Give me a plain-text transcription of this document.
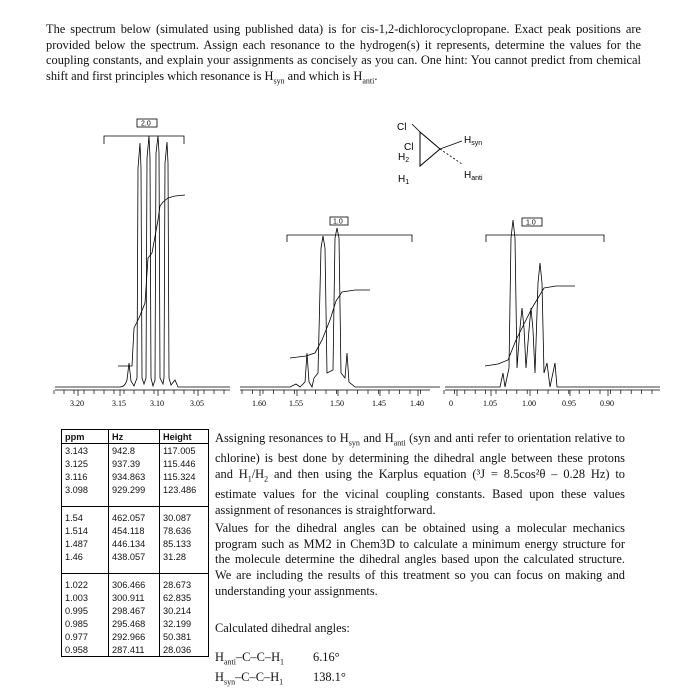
The spectrum below (simulated using published data) is for cis-1,2-dichlorocyclopropane. Exact peak positions are provided below the spectrum. Assign each resonance to the hydrogen(s) it represents, determine the values for the coupling constants, and explain your assignments as concisely as you can. One hint: You cannot predict from chemical shift and first principles which resonance is $H_{syn}$ and which is $H_{anti}$.
2.0
1.0	1.0
Cl
Cl
$H_2$
$H_1$
$H_{syn}$
$H_{anti}$
3.20	3.15	3.10	3.05	1.60	1.55	1.50	1.45	1.40	0	1.05	1.00	0.95	0.90
ppm	Hz	Height
3.143	942.8	117.005
3.125	937.39	115.446
3.116	934.863	115.324
3.098	929.299	123.486

1.54	462.057	30.087
1.514	454.118	78.636
1.487	446.134	85.133
1.46	438.057	31.28

1.022	306.466	28.673
1.003	300.911	62.835
0.995	298.467	30.214
0.985	295.468	32.199
0.977	292.966	50.381
0.958	287.411	28.036
Assigning resonances to $H_{syn}$ and $H_{anti}$ (syn and anti refer to orientation relative to chlorine) is best done by determining the dihedral angle between these protons and $H_1/H_2$ and then using the Karplus equation (³J = 8.5cos²θ – 0.28 Hz) to estimate values for the vicinal coupling constants. Based upon these values assignment of resonances is straightforward.
Values for the dihedral angles can be obtained using a molecular mechanics program such as MM2 in Chem3D to calculate a minimum energy structure for the molecule determine the dihedral angles based upon the calculated structure. We are including the results of this treatment so you can focus on making and understanding your assignments.
Calculated dihedral angles:
$H_{anti}-C-C-H_1$	6.16°
$H_{syn}-C-C-H_1$	138.1°
